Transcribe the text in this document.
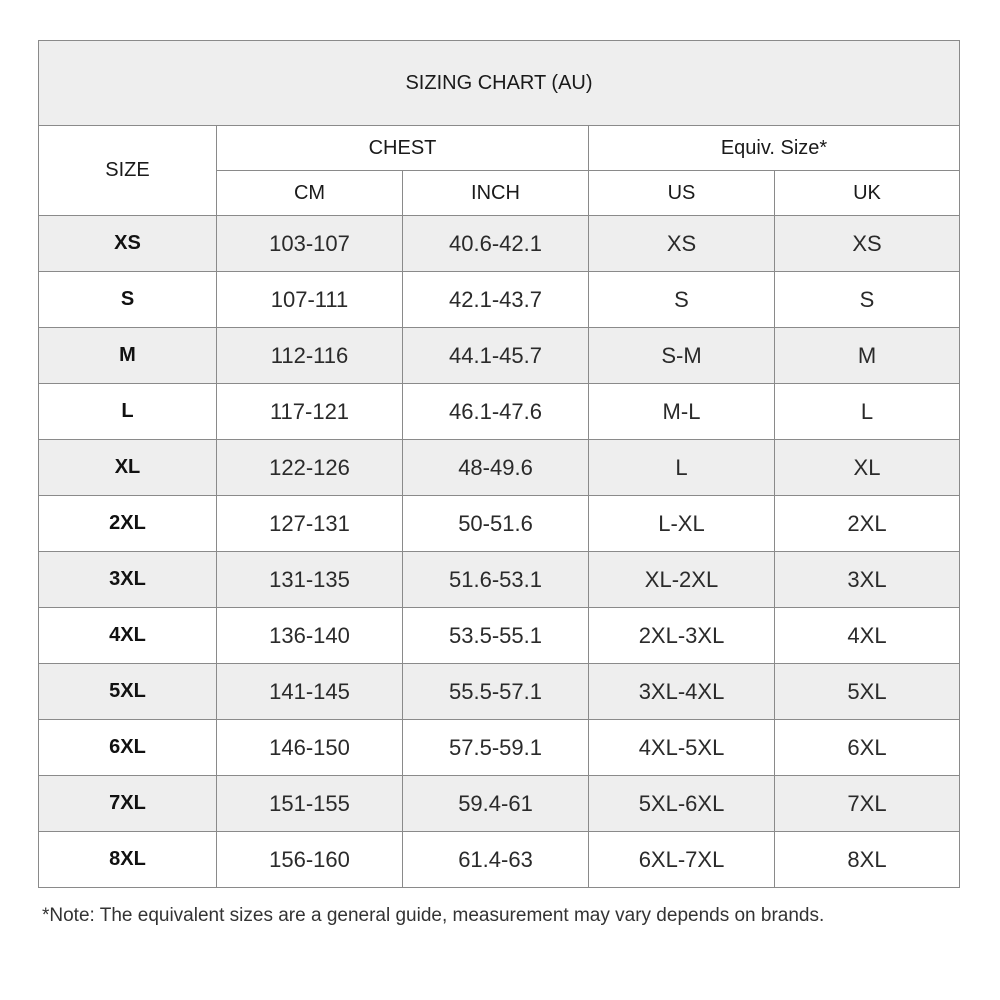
SIZING CHART (AU)				
SIZE	CHEST		Equiv. Size*	
	CM	INCH	US	UK
XS	103-107	40.6-42.1	XS	XS
S	107-111	42.1-43.7	S	S
M	112-116	44.1-45.7	S-M	M
L	117-121	46.1-47.6	M-L	L
XL	122-126	48-49.6	L	XL
2XL	127-131	50-51.6	L-XL	2XL
3XL	131-135	51.6-53.1	XL-2XL	3XL
4XL	136-140	53.5-55.1	2XL-3XL	4XL
5XL	141-145	55.5-57.1	3XL-4XL	5XL
6XL	146-150	57.5-59.1	4XL-5XL	6XL
7XL	151-155	59.4-61	5XL-6XL	7XL
8XL	156-160	61.4-63	6XL-7XL	8XL
*Note: The equivalent sizes are a general guide, measurement may vary depends on brands.
